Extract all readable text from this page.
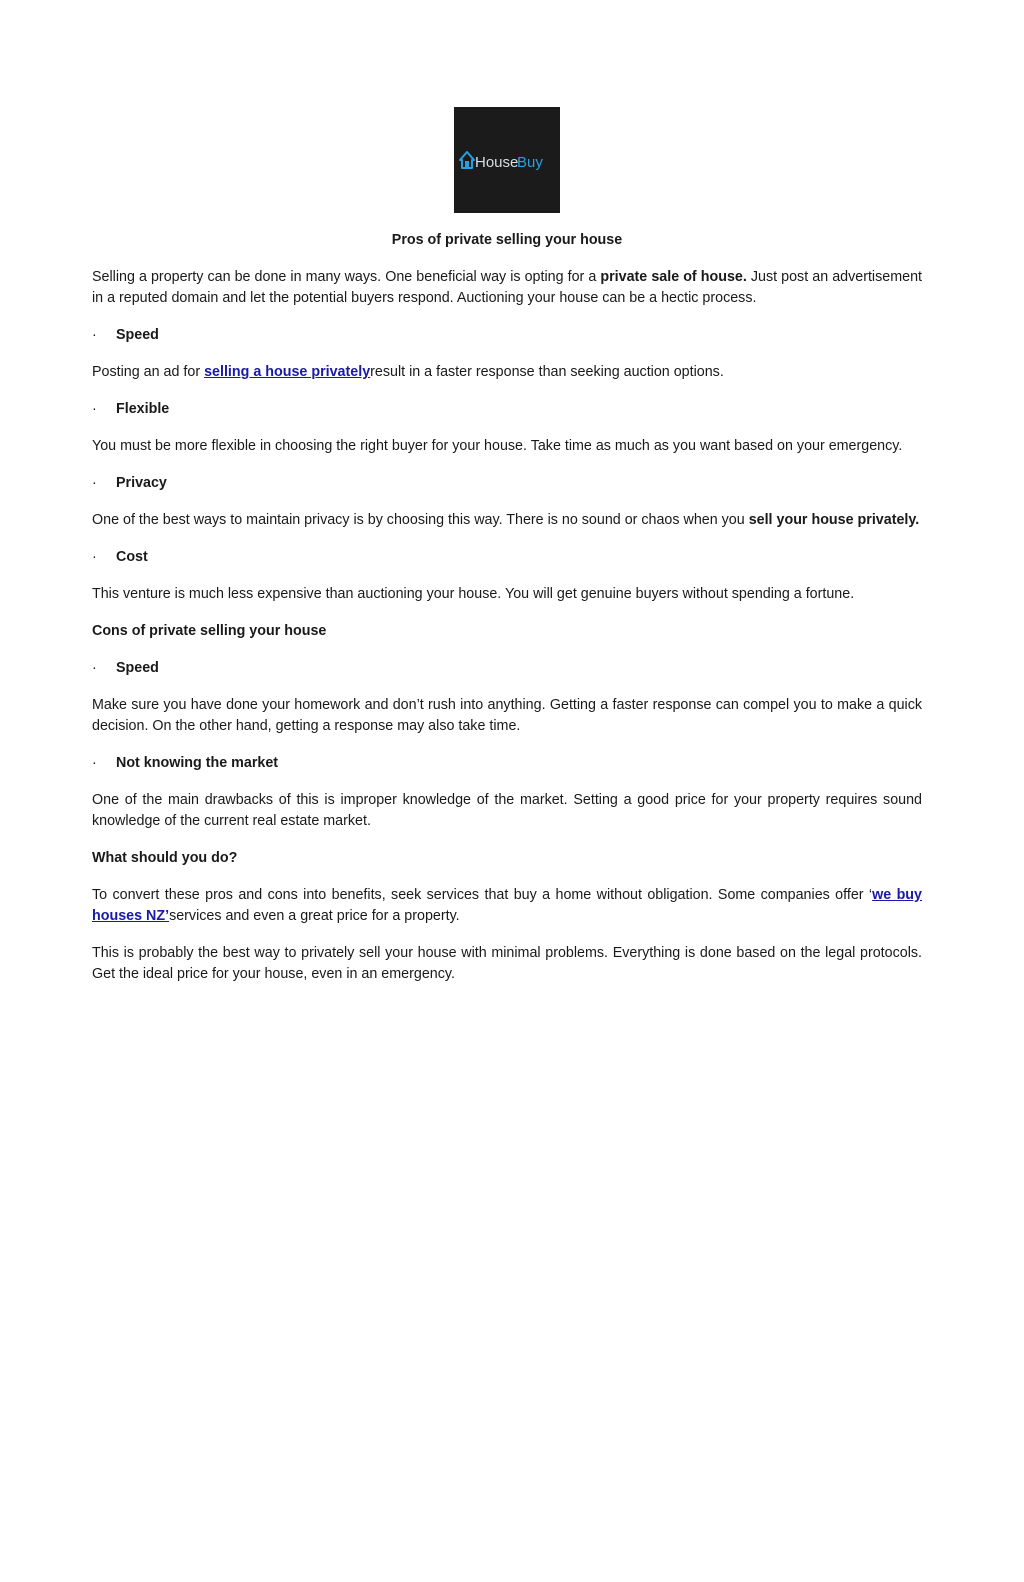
House
Buy
Pros of private selling your house

Selling a property can be done in many ways. One beneficial way is opting for a private sale of house. Just post an advertisement in a reputed domain and let the potential buyers respond. Auctioning your house can be a hectic process.

·	Speed

Posting an ad for selling a house privatelyresult in a faster response than seeking auction options.

·	Flexible

You must be more flexible in choosing the right buyer for your house. Take time as much as you want based on your emergency.

·	Privacy

One of the best ways to maintain privacy is by choosing this way. There is no sound or chaos when you sell your house privately.

·	Cost

This venture is much less expensive than auctioning your house. You will get genuine buyers without spending a fortune.

Cons of private selling your house
·	Speed

Make sure you have done your homework and don’t rush into anything. Getting a faster response can compel you to make a quick decision. On the other hand, getting a response may also take time.

·	Not knowing the market

One of the main drawbacks of this is improper knowledge of the market. Setting a good price for your property requires sound knowledge of the current real estate market.

What should you do?

To convert these pros and cons into benefits, seek services that buy a home without obligation. Some companies offer ‘we buy houses NZ’services and even a great price for a property.

This is probably the best way to privately sell your house with minimal problems. Everything is done based on the legal protocols. Get the ideal price for your house, even in an emergency.
